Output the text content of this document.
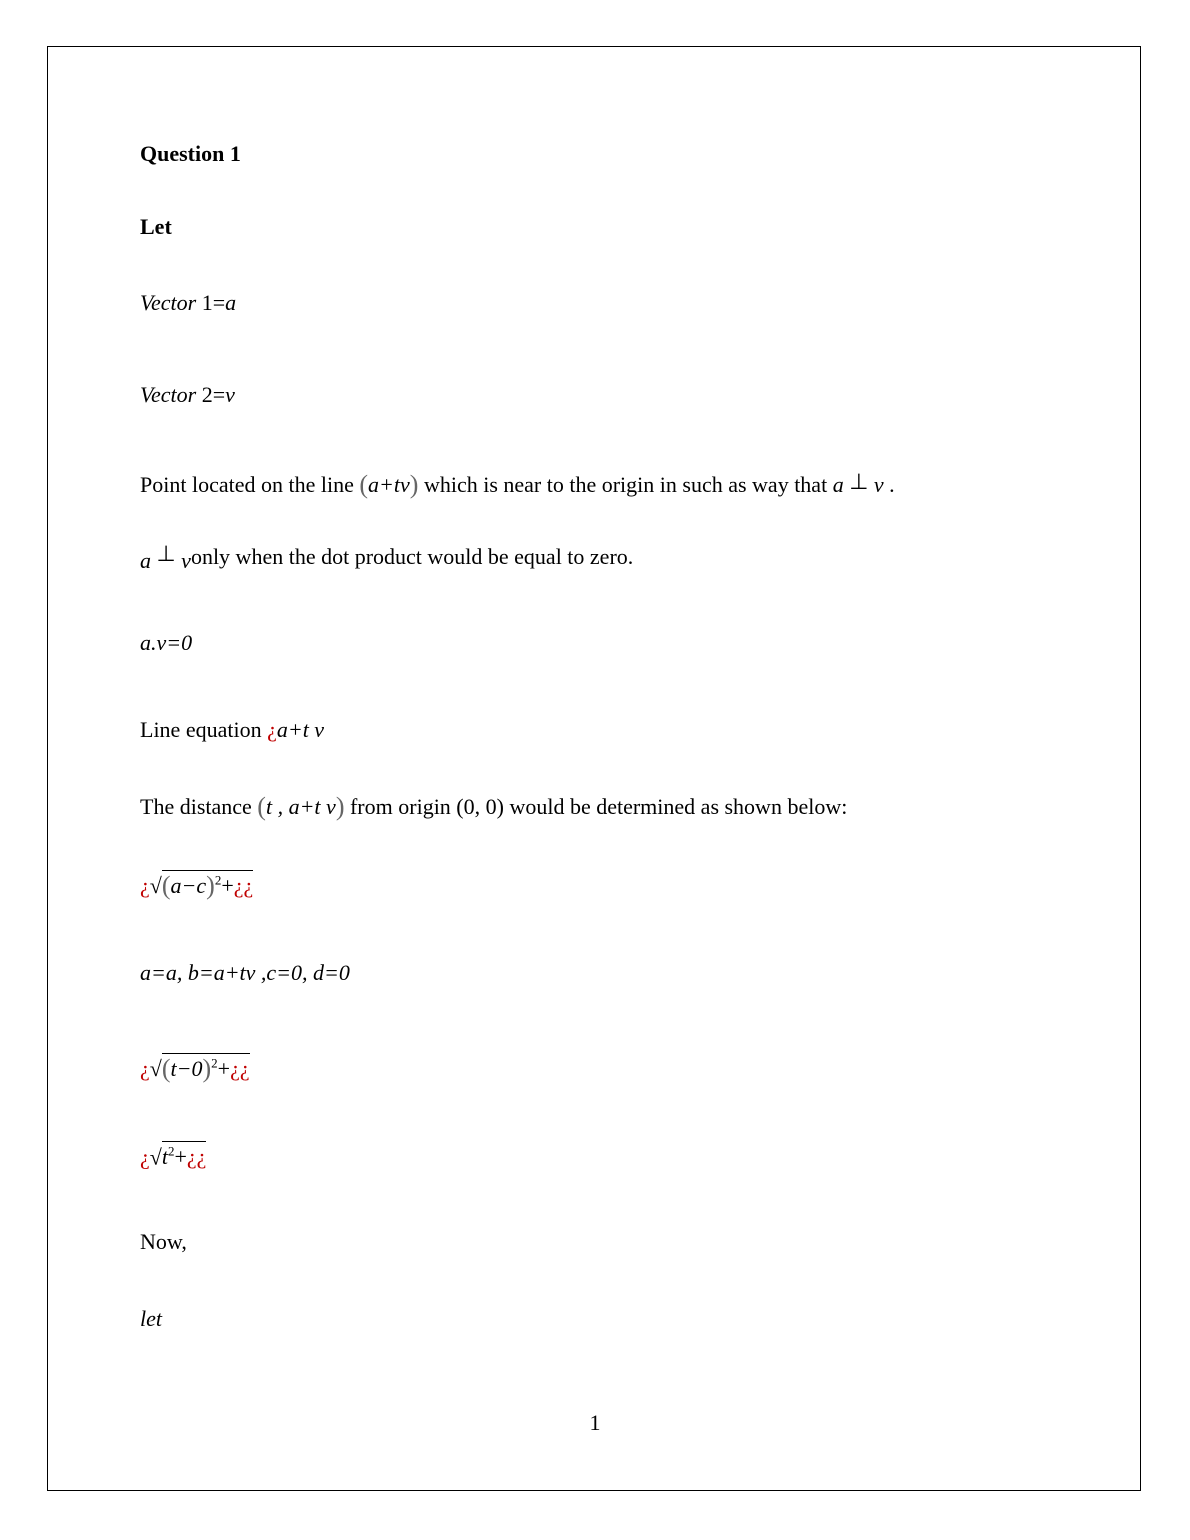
Question 1
Let
Vector 1=a
Vector 2=v
Point located on the line (a+tv) which is near to the origin in such as way that a ⊥ v .
a ⊥ vonly when the dot product would be equal to zero.
a.v=0
Line equation ¿a+t v
The distance (t , a+t v) from origin (0, 0) would be determined as shown below:
¿$√(a-c)^2+¿¿$
a=a, b=a+tv ,c=0, d=0
¿$√(t-0)^2+¿¿$
¿$√t^2+¿¿$
Now,
let
1
